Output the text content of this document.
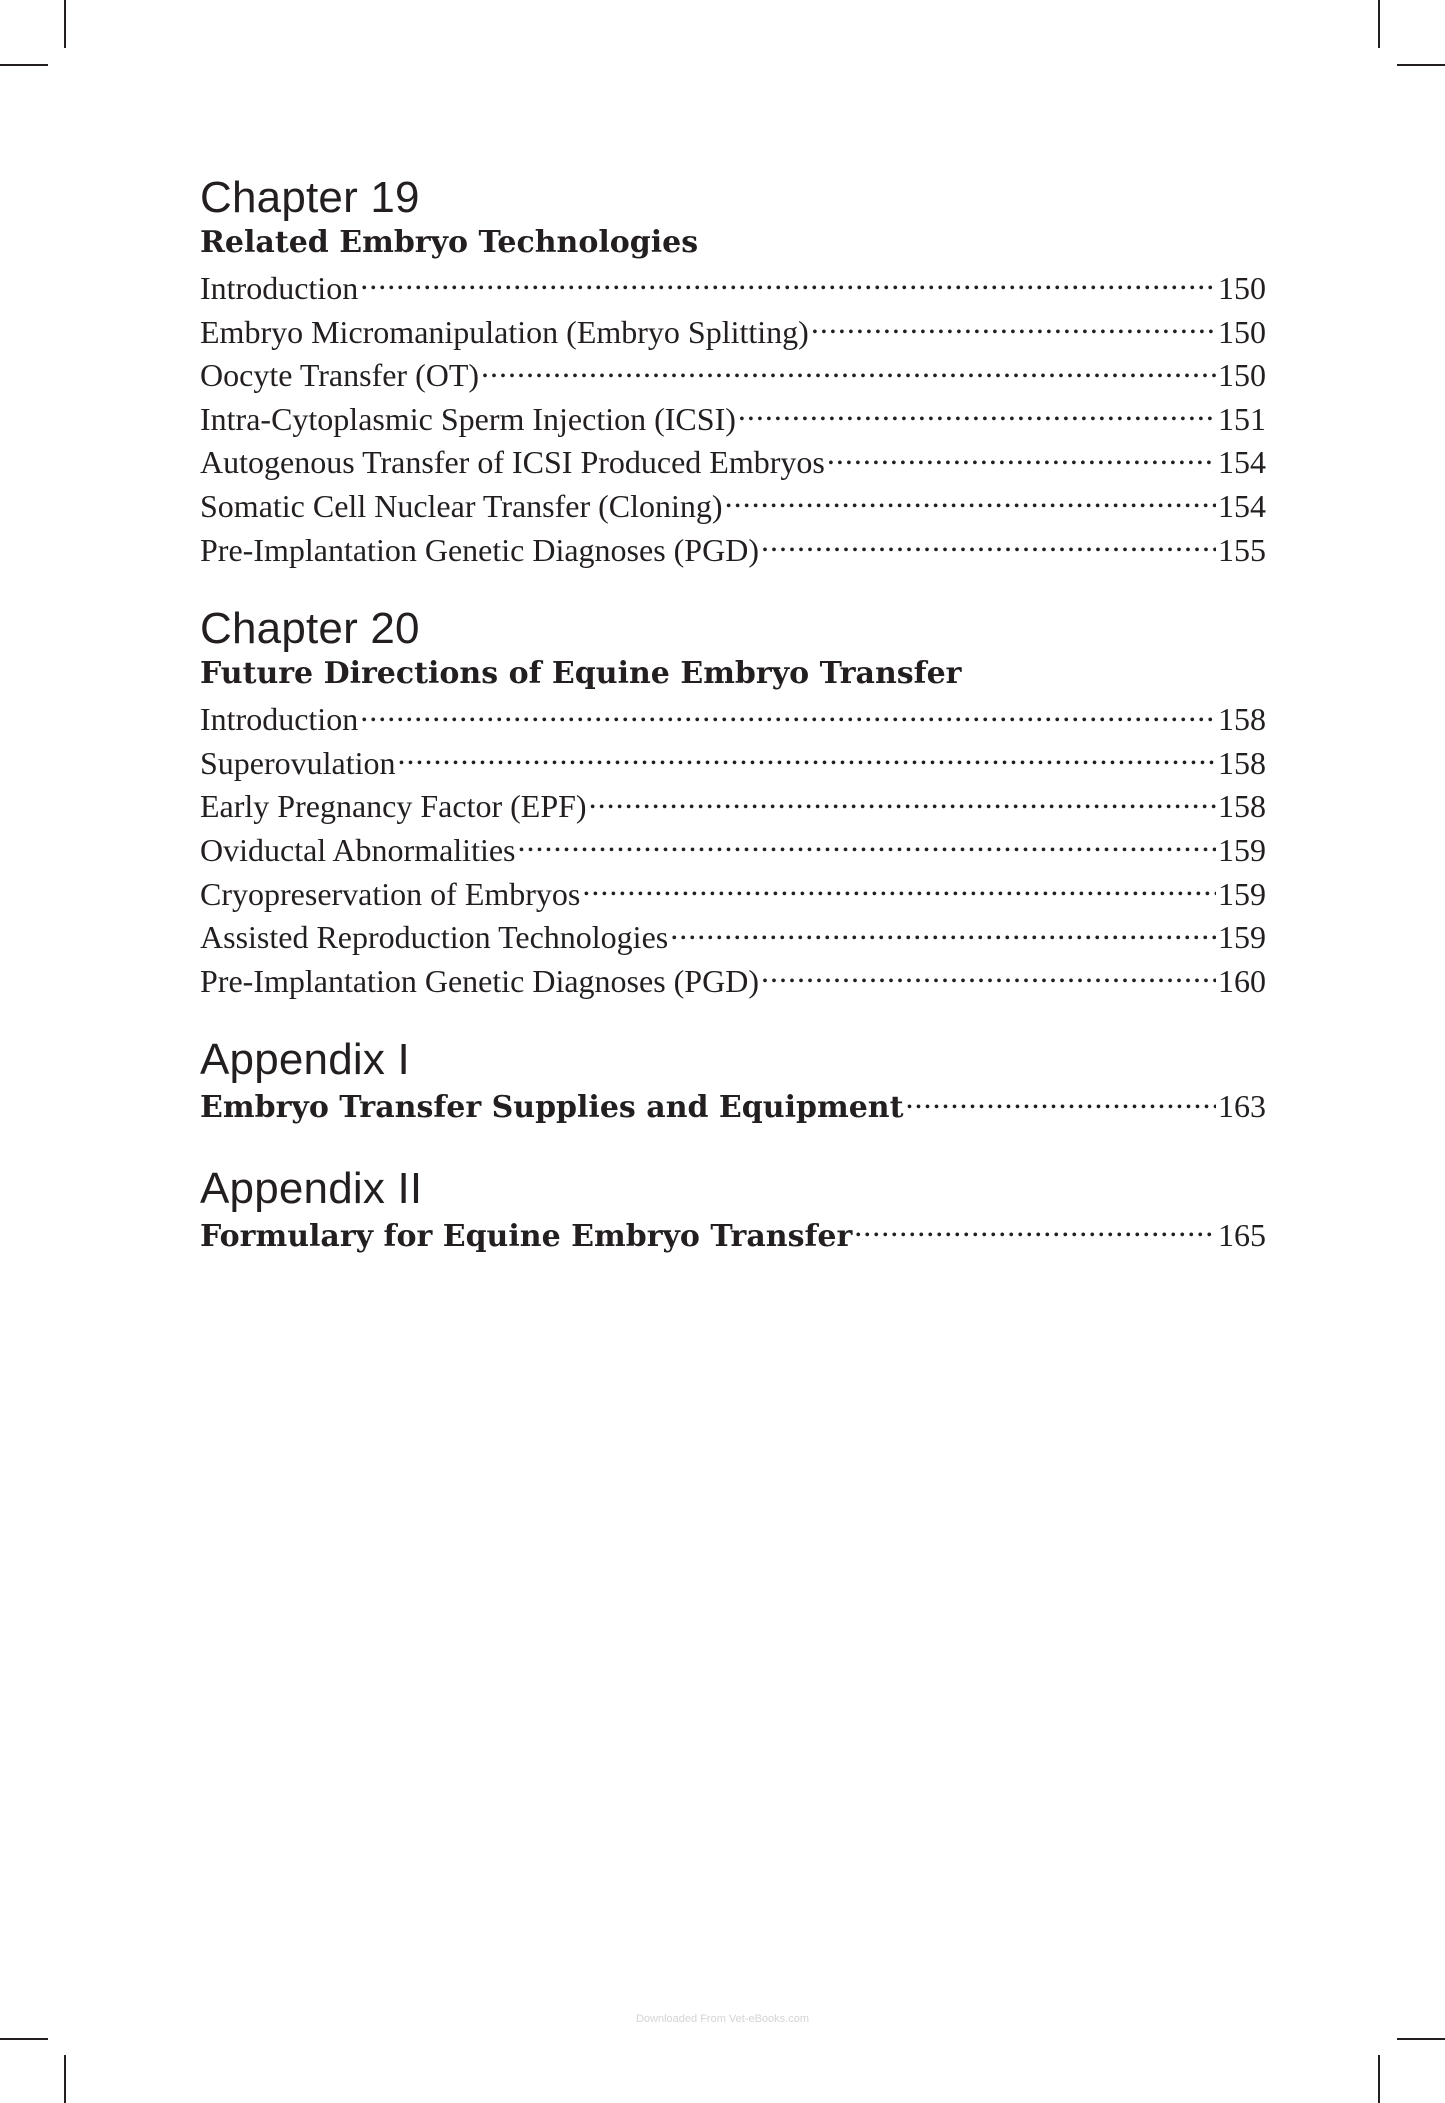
Chapter 19
Related Embryo Technologies
Introduction .....	150
Embryo Micromanipulation (Embryo Splitting) .....	150
Oocyte Transfer (OT) .....	150
Intra-Cytoplasmic Sperm Injection (ICSI) .....	151
Autogenous Transfer of ICSI Produced Embryos .....	154
Somatic Cell Nuclear Transfer (Cloning) .....	154
Pre-Implantation Genetic Diagnoses (PGD) .....	155
Chapter 20
Future Directions of Equine Embryo Transfer
Introduction .....	158
Superovulation .....	158
Early Pregnancy Factor (EPF) .....	158
Oviductal Abnormalities .....	159
Cryopreservation of Embryos .....	159
Assisted Reproduction Technologies .....	159
Pre-Implantation Genetic Diagnoses (PGD) .....	160
Appendix I
Embryo Transfer Supplies and Equipment .....	163
Appendix II
Formulary for Equine Embryo Transfer .....	165
Downloaded From Vet-eBooks.com
